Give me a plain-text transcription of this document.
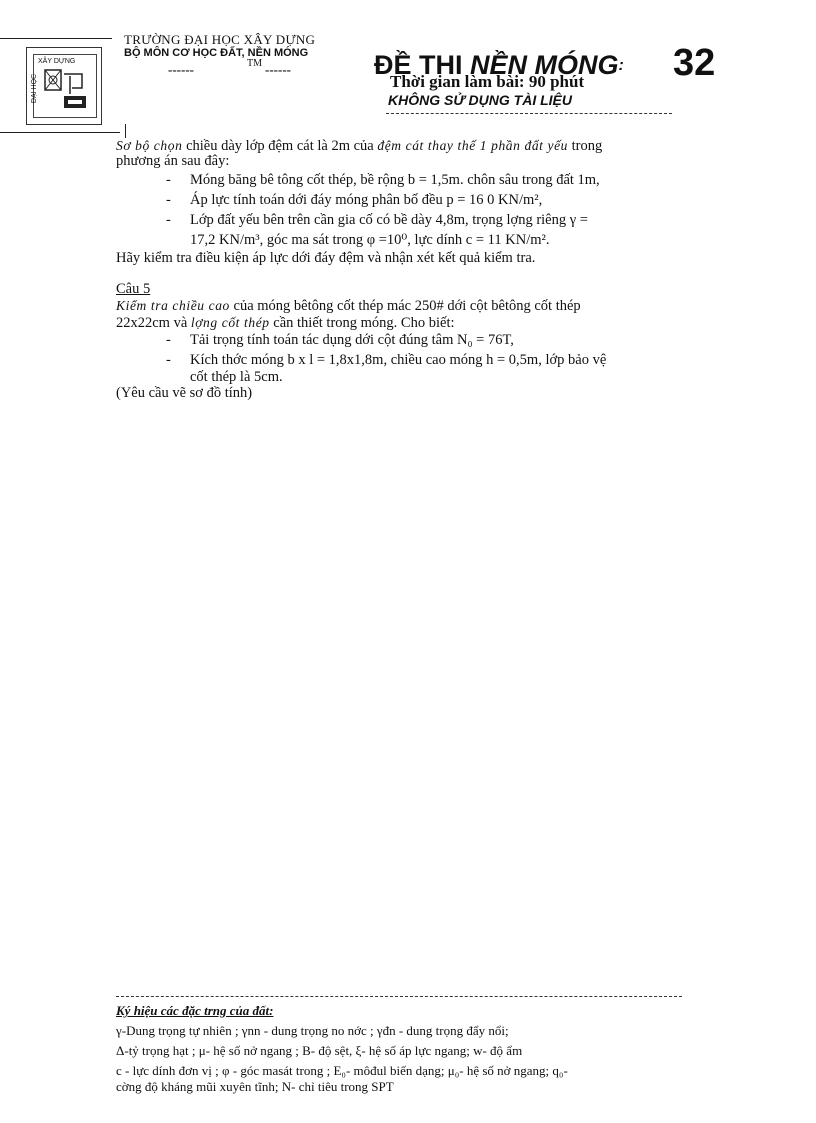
XÂY DỰNG
ĐẠI HỌC
TRƯỜNG ĐẠI HỌC XÂY DỰNG
BỘ MÔN CƠ HỌC ĐẤT, NỀN MÓNG
------	TM ------	ĐỀ THI NỀN MÓNG: 32
Thời gian làm bài: 90 phút
KHÔNG SỬ DỤNG TÀI LIỆU
Sơ bộ chọn chiều dày lớp đệm cát là 2m của đệm cát thay thế 1 phần đất yếu trong
phương án sau đây:
- Móng băng bê tông cốt thép, bề rộng b = 1,5m. chôn sâu trong đất 1m,
- Áp lực tính toán dới đáy móng phân bố đều p = 16 0 KN/m²,
- Lớp đất yếu bên trên cần gia cố có bề dày 4,8m, trọng lợng riêng γ =
17,2 KN/m³, góc ma sát trong φ =10⁰, lực dính c = 11 KN/m².
Hãy kiểm tra điều kiện áp lực dới đáy đệm và nhận xét kết quả kiểm tra.
Câu 5
Kiểm tra chiều cao của móng bêtông cốt thép mác 250# dới cột bêtông cốt thép
22x22cm và lợng cốt thép cần thiết trong móng. Cho biết:
- Tải trọng tính toán tác dụng dới cột đúng tâm N₀ = 76T,
- Kích thớc móng b x l = 1,8x1,8m, chiều cao móng h = 0,5m, lớp bảo vệ
cốt thép là 5cm.
(Yêu cầu vẽ sơ đồ tính)
Ký hiệu các đặc trng của đất:
γ-Dung trọng tự nhiên ; γnn - dung trọng no nớc ; γđn - dung trọng đẩy nổi;
Δ-tỷ trọng hạt ; μ- hệ số nở ngang ; B- độ sệt, ξ- hệ số áp lực ngang; w- độ ẩm
c - lực dính đơn vị ; φ - góc masát trong ; E₀- môđul biến dạng; μ₀- hệ số nở ngang; q₀-
cờng độ kháng mũi xuyên tĩnh; N- chỉ tiêu trong SPT
